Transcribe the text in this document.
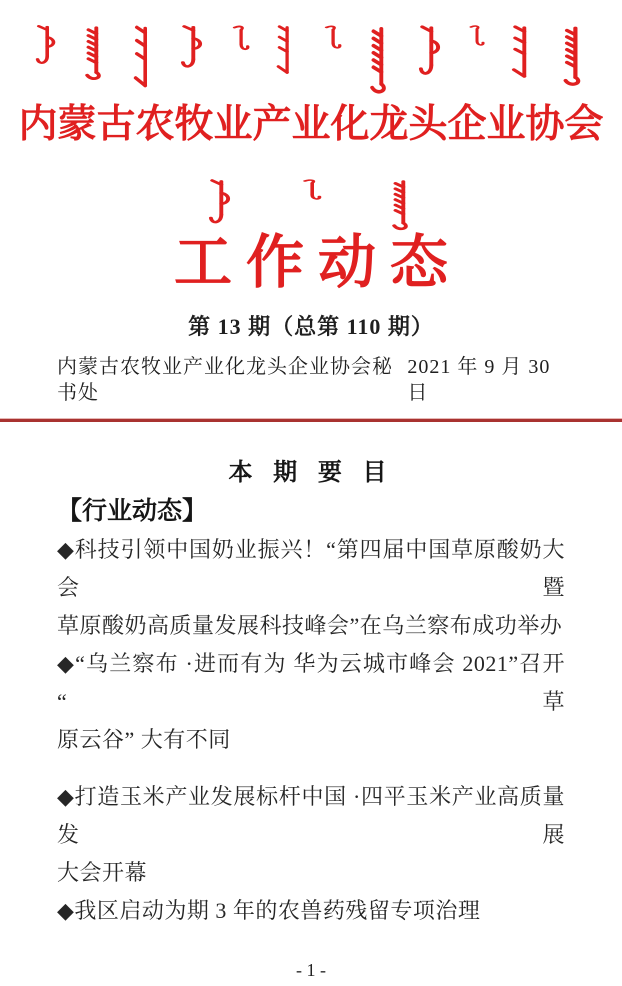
内蒙古农牧业产业化龙头企业协会
工作动态
第 13 期（总第 110 期）
内蒙古农牧业产业化龙头企业协会秘书处
2021 年 9 月 30 日
本 期 要 目
【行业动态】
◆科技引领中国奶业振兴！“第四届中国草原酸奶大会暨
草原酸奶高质量发展科技峰会”在乌兰察布成功举办
◆“乌兰察布 ·进而有为 华为云城市峰会 2021”召开 “草
原云谷” 大有不同
◆打造玉米产业发展标杆中国 ·四平玉米产业高质量发展
大会开幕
◆我区启动为期 3 年的农兽药残留专项治理
- 1 -
